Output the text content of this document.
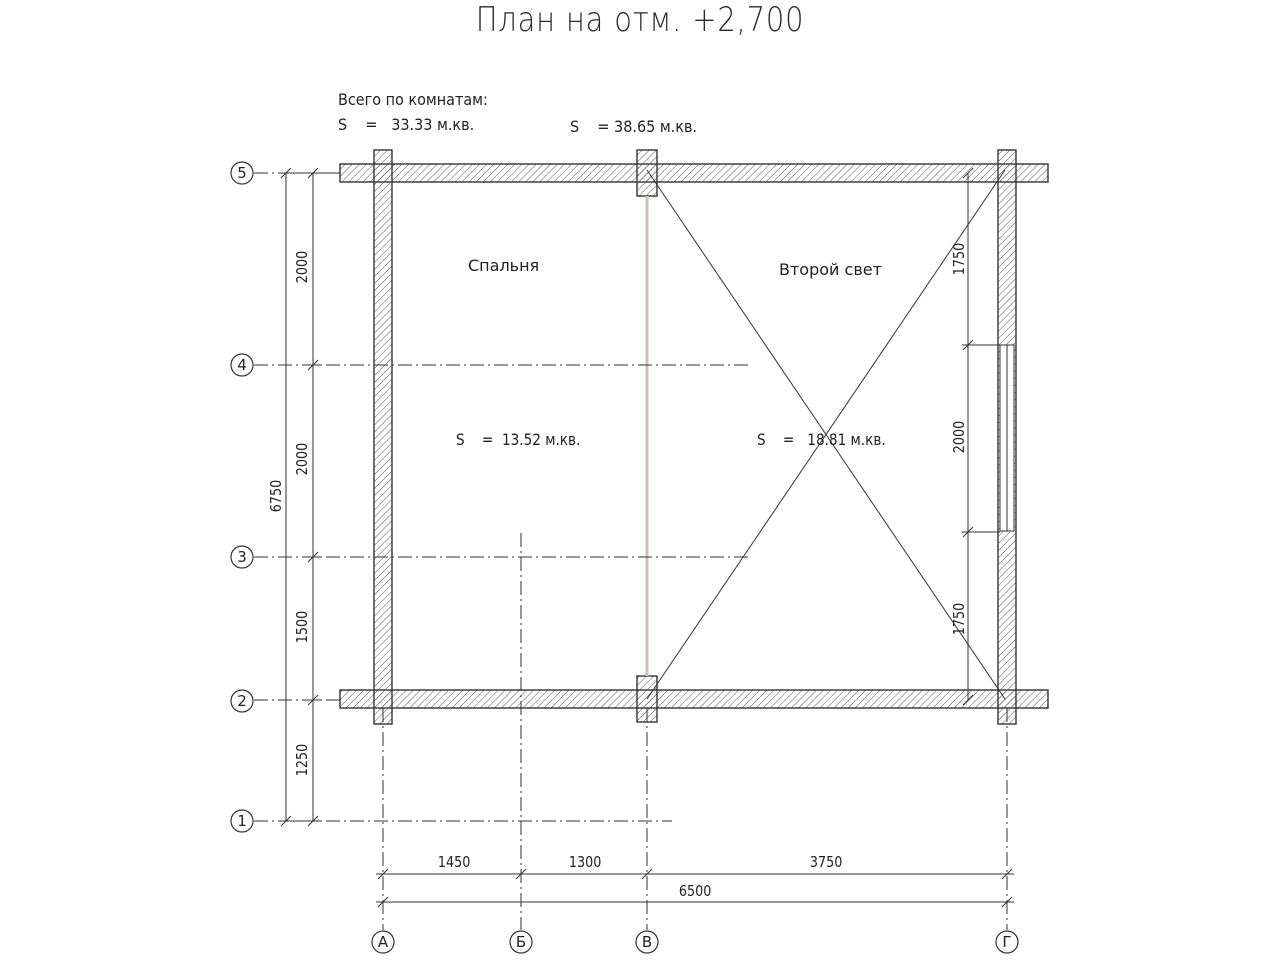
План на отм. +2,700
Всего по комнатам:
S    =   33.33 м.кв.	S    = 38.65 м.кв.
Спальня	Второй свет
S    =  13.52 м.кв.	S    =   18.81 м.кв.
1450	1300	3750
6500
2000
2000
1500
1250
6750
1750
2000
1750
5
4
3
2
1
А	Б	В	Г
